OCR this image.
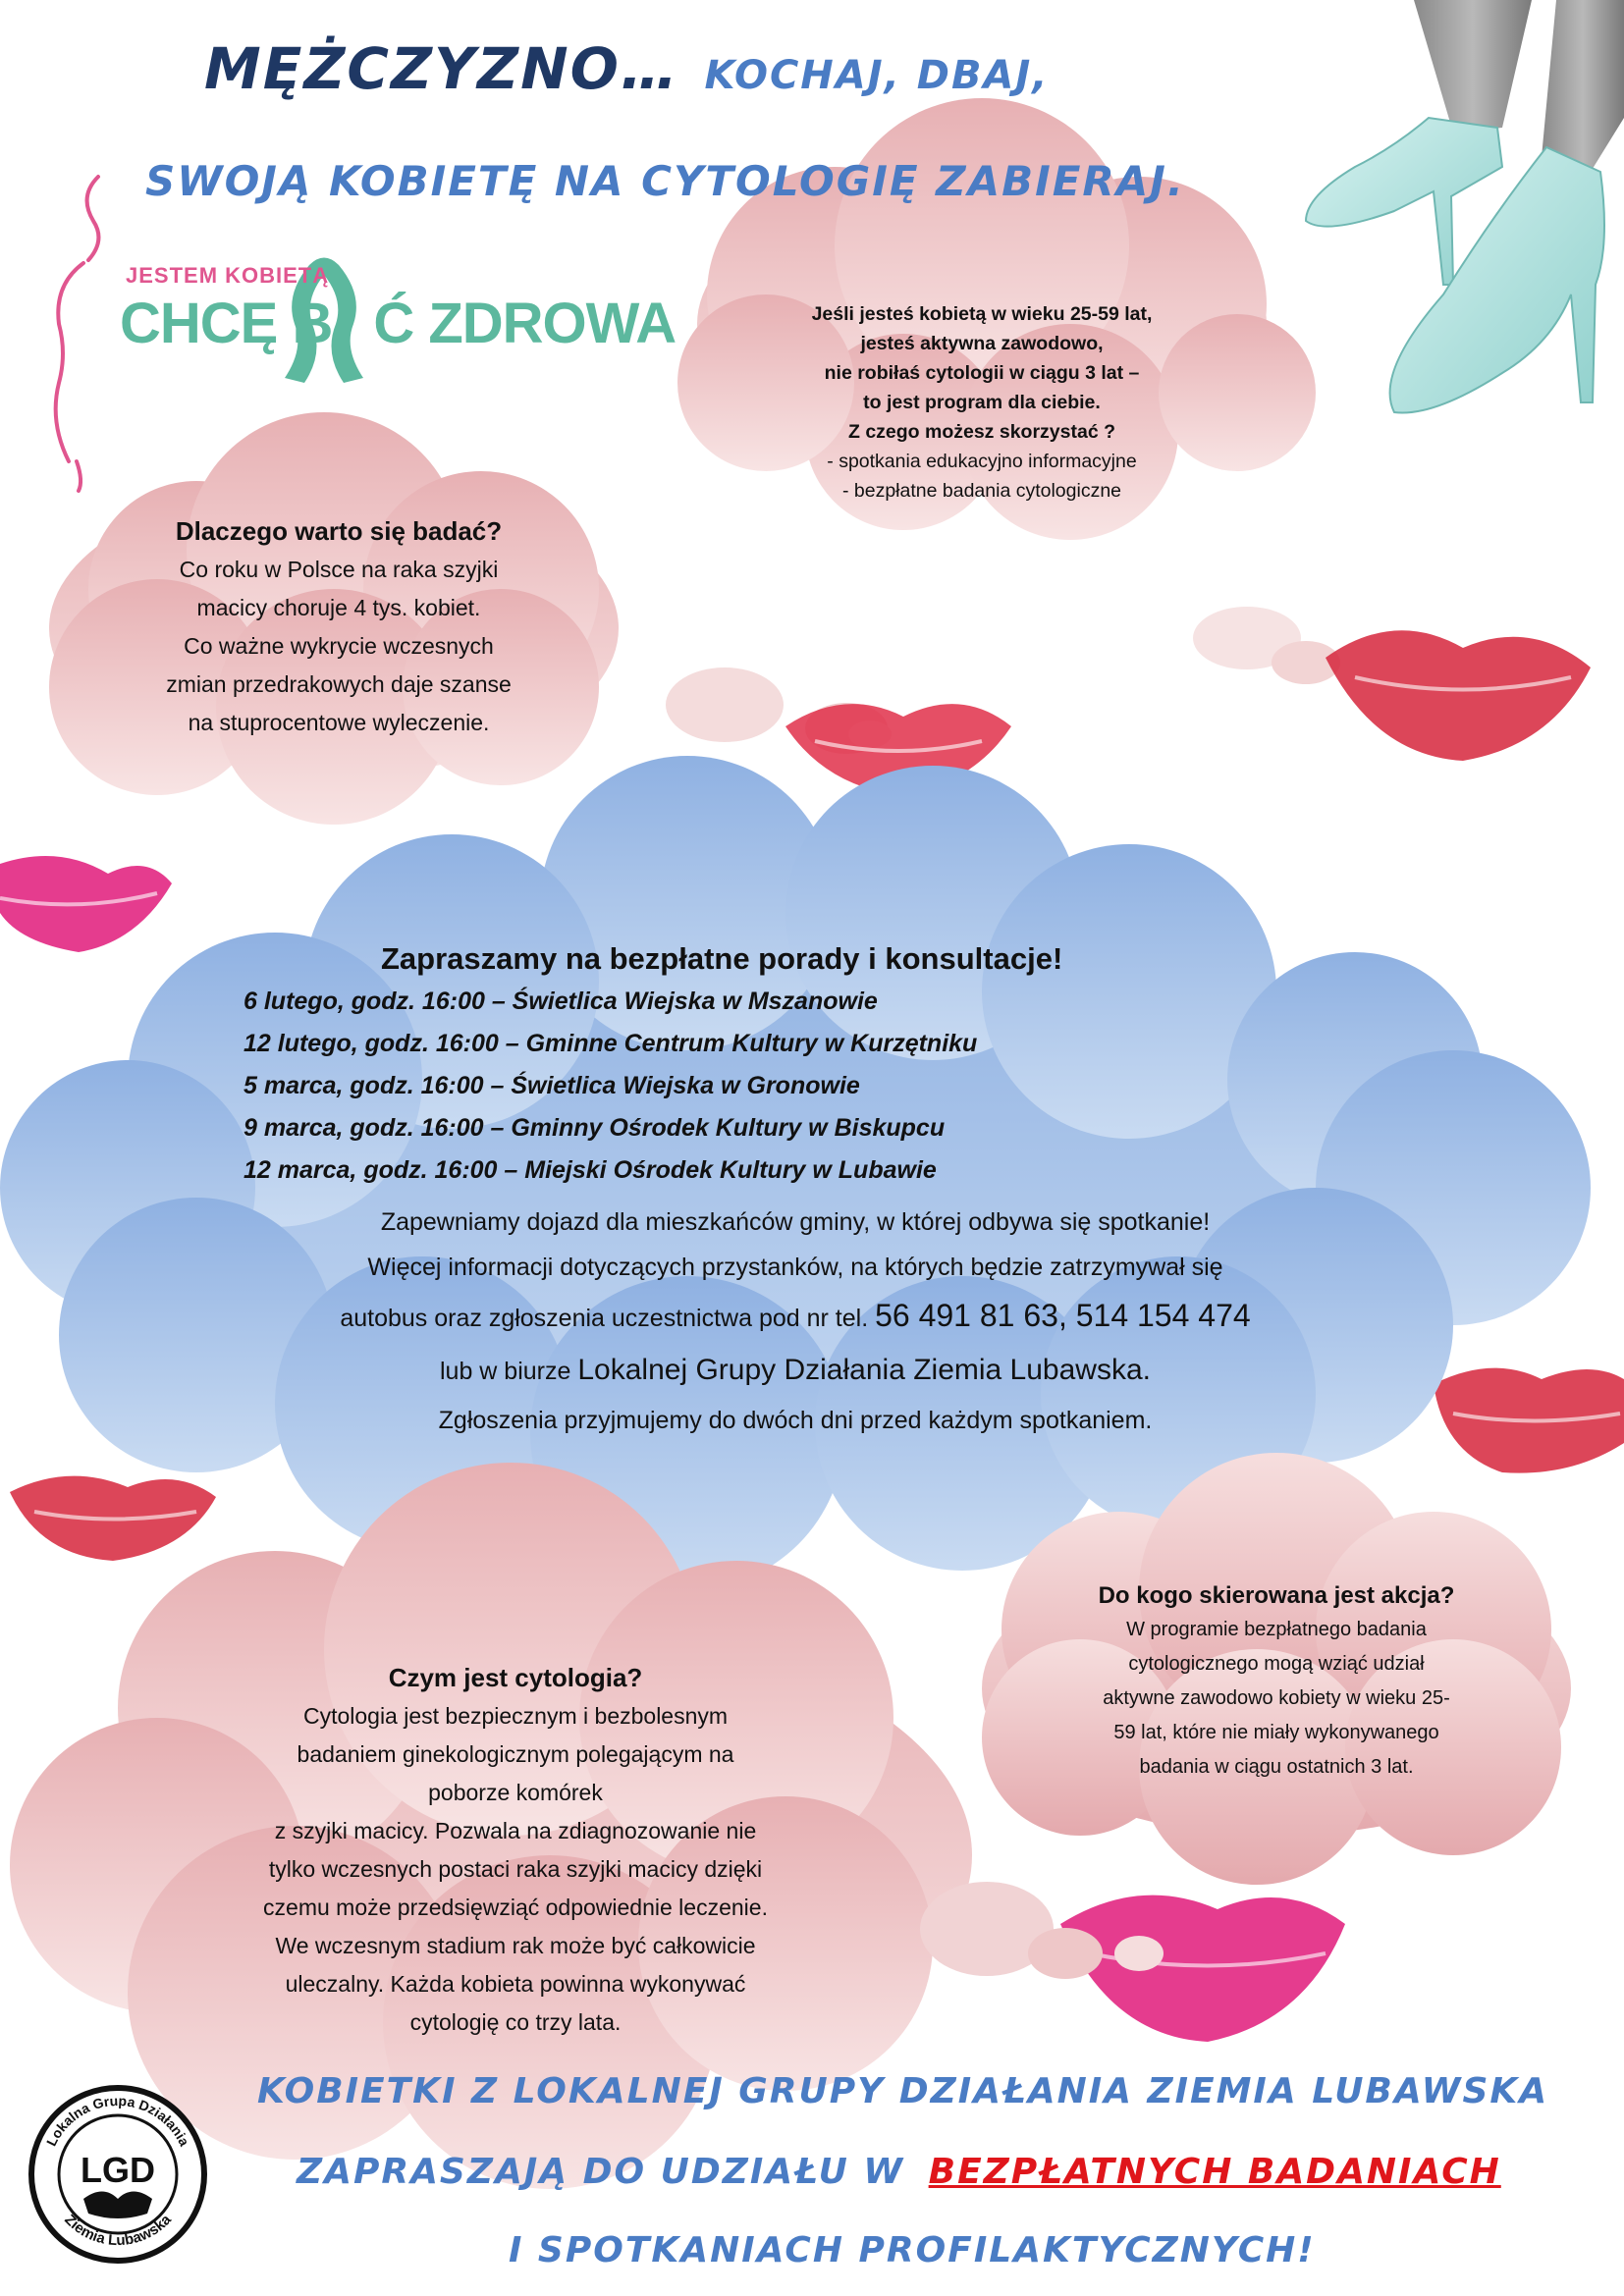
MĘŻCZYZNO… KOCHAJ, DBAJ,
SWOJĄ KOBIETĘ NA CYTOLOGIĘ ZABIERAJ.
JESTEM KOBIETĄ
CHCĘ B Ć ZDROWA	Jeśli jesteś kobietą w wieku 25-59 lat,
jesteś aktywna zawodowo,
nie robiłaś cytologii w ciągu 3 lat –
to jest program dla ciebie.
Z czego możesz skorzystać ?
- spotkania edukacyjno informacyjne
- bezpłatne badania cytologiczne
Dlaczego warto się badać?
Co roku w Polsce na raka szyjki
macicy choruje 4 tys. kobiet.
Co ważne wykrycie wczesnych
zmian przedrakowych daje szanse
na stuprocentowe wyleczenie.
Zapraszamy na bezpłatne porady i konsultacje!
6 lutego, godz. 16:00 – Świetlica Wiejska w Mszanowie
12 lutego, godz. 16:00 – Gminne Centrum Kultury w Kurzętniku
5 marca, godz. 16:00 – Świetlica Wiejska w Gronowie
9 marca, godz. 16:00 – Gminny Ośrodek Kultury w Biskupcu
12 marca, godz. 16:00 – Miejski Ośrodek Kultury w Lubawie
Zapewniamy dojazd dla mieszkańców gminy, w której odbywa się spotkanie!
Więcej informacji dotyczących przystanków, na których będzie zatrzymywał się
autobus oraz zgłoszenia uczestnictwa pod nr tel. 56 491 81 63, 514 154 474
lub w biurze Lokalnej Grupy Działania Ziemia Lubawska.
Zgłoszenia przyjmujemy do dwóch dni przed każdym spotkaniem.
Do kogo skierowana jest akcja?
W programie bezpłatnego badania
cytologicznego mogą wziąć udział
aktywne zawodowo kobiety w wieku 25-
59 lat, które nie miały wykonywanego
badania w ciągu ostatnich 3 lat.
Czym jest cytologia?
Cytologia jest bezpiecznym i bezbolesnym
badaniem ginekologicznym polegającym na
poborze komórek
z szyjki macicy. Pozwala na zdiagnozowanie nie
tylko wczesnych postaci raka szyjki macicy dzięki
czemu może przedsięwziąć odpowiednie leczenie.
We wczesnym stadium rak może być całkowicie
uleczalny. Każda kobieta powinna wykonywać
cytologię co trzy lata.
LGD
Lokalna Grupa Działania
Ziemia Lubawska
KOBIETKI Z LOKALNEJ GRUPY DZIAŁANIA ZIEMIA LUBAWSKA
ZAPRASZAJĄ DO UDZIAŁU W BEZPŁATNYCH BADANIACH
I SPOTKANIACH PROFILAKTYCZNYCH!
